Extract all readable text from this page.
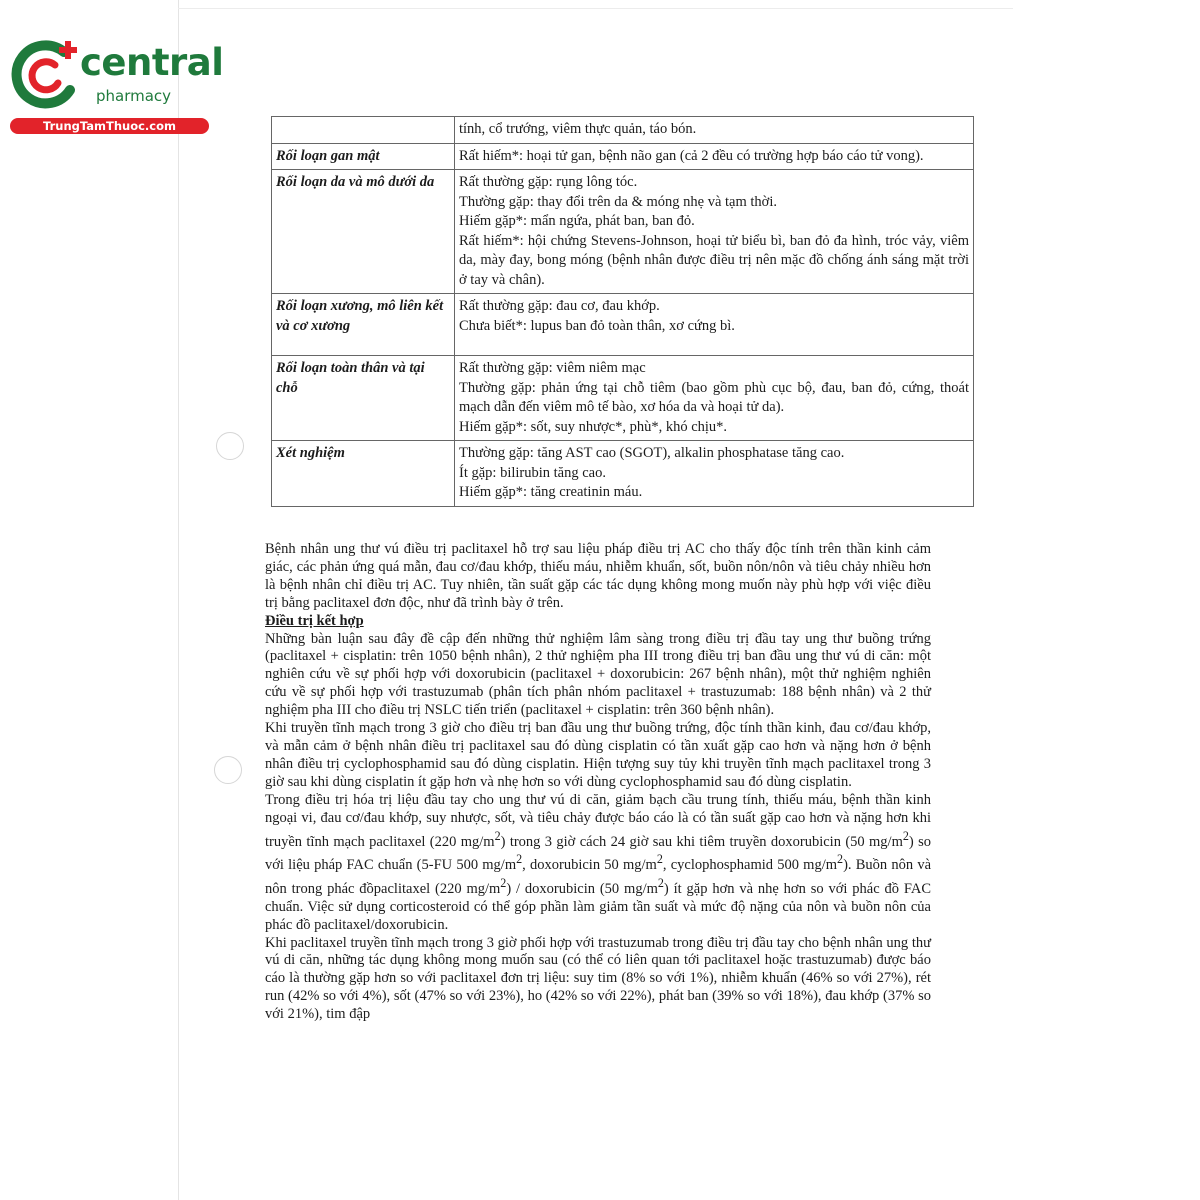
central
pharmacy
TrungTamThuoc.com

	tính, cổ trướng, viêm thực quản, táo bón.

Rối loạn gan mật	Rất hiếm*: hoại tử gan, bệnh não gan (cả 2 đều có trường hợp báo cáo tử vong).

Rối loạn da và mô dưới da	Rất thường gặp: rụng lông tóc.
Thường gặp: thay đổi trên da & móng nhẹ và tạm thời.
Hiếm gặp*: mẩn ngứa, phát ban, ban đỏ.
Rất hiếm*: hội chứng Stevens-Johnson, hoại tử biểu bì, ban đỏ đa hình, tróc vảy, viêm da, mày đay, bong móng (bệnh nhân được điều trị nên mặc đồ chống ánh sáng mặt trời ở tay và chân).

Rối loạn xương, mô liên kết và cơ xương	Rất thường gặp: đau cơ, đau khớp.
Chưa biết*: lupus ban đỏ toàn thân, xơ cứng bì.

Rối loạn toàn thân và tại chỗ	Rất thường gặp: viêm niêm mạc
Thường gặp: phản ứng tại chỗ tiêm (bao gồm phù cục bộ, đau, ban đỏ, cứng, thoát mạch dẫn đến viêm mô tế bào, xơ hóa da và hoại tử da).
Hiếm gặp*: sốt, suy nhược*, phù*, khó chịu*.

Xét nghiệm	Thường gặp: tăng AST cao (SGOT), alkalin phosphatase tăng cao.
Ít gặp: bilirubin tăng cao.
Hiếm gặp*: tăng creatinin máu.

Bệnh nhân ung thư vú điều trị paclitaxel hỗ trợ sau liệu pháp điều trị AC cho thấy độc tính trên thần kinh cảm giác, các phản ứng quá mẫn, đau cơ/đau khớp, thiếu máu, nhiễm khuẩn, sốt, buồn nôn/nôn và tiêu chảy nhiều hơn là bệnh nhân chỉ điều trị AC. Tuy nhiên, tần suất gặp các tác dụng không mong muốn này phù hợp với việc điều trị bằng paclitaxel đơn độc, như đã trình bày ở trên.

Điều trị kết hợp

Những bàn luận sau đây đề cập đến những thử nghiệm lâm sàng trong điều trị đầu tay ung thư buồng trứng (paclitaxel + cisplatin: trên 1050 bệnh nhân), 2 thử nghiệm pha III trong điều trị ban đầu ung thư vú di căn: một nghiên cứu về sự phối hợp với doxorubicin (paclitaxel + doxorubicin: 267 bệnh nhân), một thử nghiệm nghiên cứu về sự phối hợp với trastuzumab (phân tích phân nhóm paclitaxel + trastuzumab: 188 bệnh nhân) và 2 thử nghiệm pha III cho điều trị NSLC tiến triển (paclitaxel + cisplatin: trên 360 bệnh nhân).

Khi truyền tĩnh mạch trong 3 giờ cho điều trị ban đầu ung thư buồng trứng, độc tính thần kinh, đau cơ/đau khớp, và mẫn cảm ở bệnh nhân điều trị paclitaxel sau đó dùng cisplatin có tần xuất gặp cao hơn và nặng hơn ở bệnh nhân điều trị cyclophosphamid sau đó dùng cisplatin. Hiện tượng suy tủy khi truyền tĩnh mạch paclitaxel trong 3 giờ sau khi dùng cisplatin ít gặp hơn và nhẹ hơn so với dùng cyclophosphamid sau đó dùng cisplatin.

Trong điều trị hóa trị liệu đầu tay cho ung thư vú di căn, giảm bạch cầu trung tính, thiếu máu, bệnh thần kinh ngoại vi, đau cơ/đau khớp, suy nhược, sốt, và tiêu chảy được báo cáo là có tần suất gặp cao hơn và nặng hơn khi truyền tĩnh mạch paclitaxel (220 $mg/m^2$) trong 3 giờ cách 24 giờ sau khi tiêm truyền doxorubicin (50 $mg/m^2$) so với liệu pháp FAC chuẩn (5-FU 500 $mg/m^2$, doxorubicin 50 $mg/m^2$, cyclophosphamid 500 $mg/m^2$). Buồn nôn và nôn trong phác đồpaclitaxel (220 $mg/m^2$) / doxorubicin (50 $mg/m^2$) ít gặp hơn và nhẹ hơn so với phác đồ FAC chuẩn. Việc sử dụng corticosteroid có thể góp phần làm giảm tần suất và mức độ nặng của nôn và buồn nôn của phác đồ paclitaxel/doxorubicin.

Khi paclitaxel truyền tĩnh mạch trong 3 giờ phối hợp với trastuzumab trong điều trị đầu tay cho bệnh nhân ung thư vú di căn, những tác dụng không mong muốn sau (có thể có liên quan tới paclitaxel hoặc trastuzumab) được báo cáo là thường gặp hơn so với paclitaxel đơn trị liệu: suy tim (8% so với 1%), nhiễm khuẩn (46% so với 27%), rét run (42% so với 4%), sốt (47% so với 23%), ho (42% so với 22%), phát ban (39% so với 18%), đau khớp (37% so với 21%), tim đập
